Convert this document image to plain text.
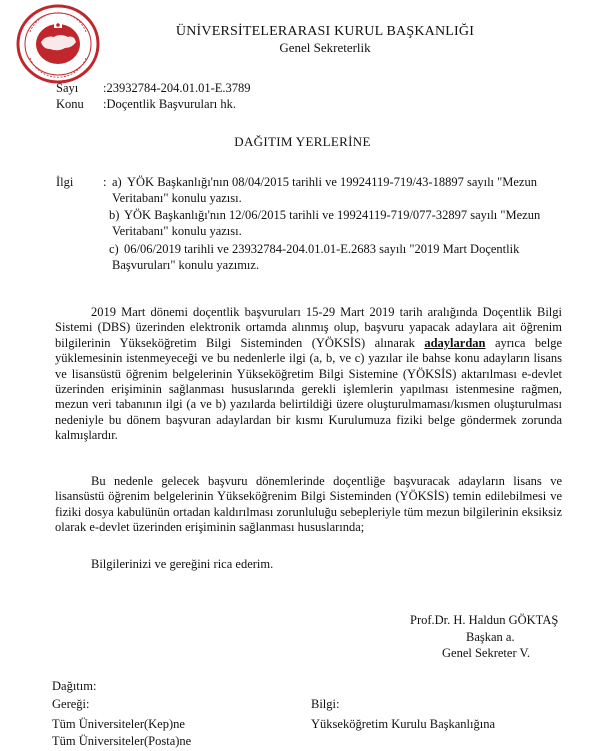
ÜNİVERSİTELERARASI KURUL BAŞKANLIĞI
Genel Sekreterlik
Sayı :23932784-204.01.01-E.3789
Konu :Doçentlik Başvuruları hk.
DAĞITIM YERLERİNE
İlgi : a) YÖK Başkanlığı'nın 08/04/2015 tarihli ve 19924119-719/43-18897 sayılı "Mezun
Veritabanı" konulu yazısı.
b) YÖK Başkanlığı'nın 12/06/2015 tarihli ve 19924119-719/077-32897 sayılı "Mezun
Veritabanı" konulu yazısı.
c) 06/06/2019 tarihli ve 23932784-204.01.01-E.2683 sayılı "2019 Mart Doçentlik
Başvuruları" konulu yazımız.
2019 Mart dönemi doçentlik başvuruları 15-29 Mart 2019 tarih aralığında Doçentlik Bilgi Sistemi (DBS) üzerinden elektronik ortamda alınmış olup, başvuru yapacak adaylara ait öğrenim bilgilerinin Yükseköğretim Bilgi Sisteminden (YÖKSİS) alınarak adaylardan ayrıca belge yüklemesinin istenmeyeceği ve bu nedenlerle ilgi (a, b, ve c) yazılar ile bahse konu adayların lisans ve lisansüstü öğrenim belgelerinin Yükseköğretim Bilgi Sistemine (YÖKSİS) aktarılması e-devlet üzerinden erişiminin sağlanması hususlarında gerekli işlemlerin yapılması istenmesine rağmen, mezun veri tabanının ilgi (a ve b) yazılarda belirtildiği üzere oluşturulmaması/kısmen oluşturulması nedeniyle bu dönem başvuran adaylardan bir kısmı Kurulumuza fiziki belge göndermek zorunda kalmışlardır.
Bu nedenle gelecek başvuru dönemlerinde doçentliğe başvuracak adayların lisans ve lisansüstü öğrenim belgelerinin Yükseköğrenim Bilgi Sisteminden (YÖKSİS) temin edilebilmesi ve fiziki dosya kabulünün ortadan kaldırılması zorunluluğu sebepleriyle tüm mezun bilgilerinin eksiksiz olarak e-devlet üzerinden erişiminin sağlanması hususlarında;
Bilgilerinizi ve gereğini rica ederim.
Prof.Dr. H. Haldun GÖKTAŞ
Başkan a.
Genel Sekreter V.
Dağıtım:
Gereği:	Bilgi:
Tüm Üniversiteler(Kep)ne
Tüm Üniversiteler(Posta)ne
Yükseköğretim Kurulu Başkanlığına
